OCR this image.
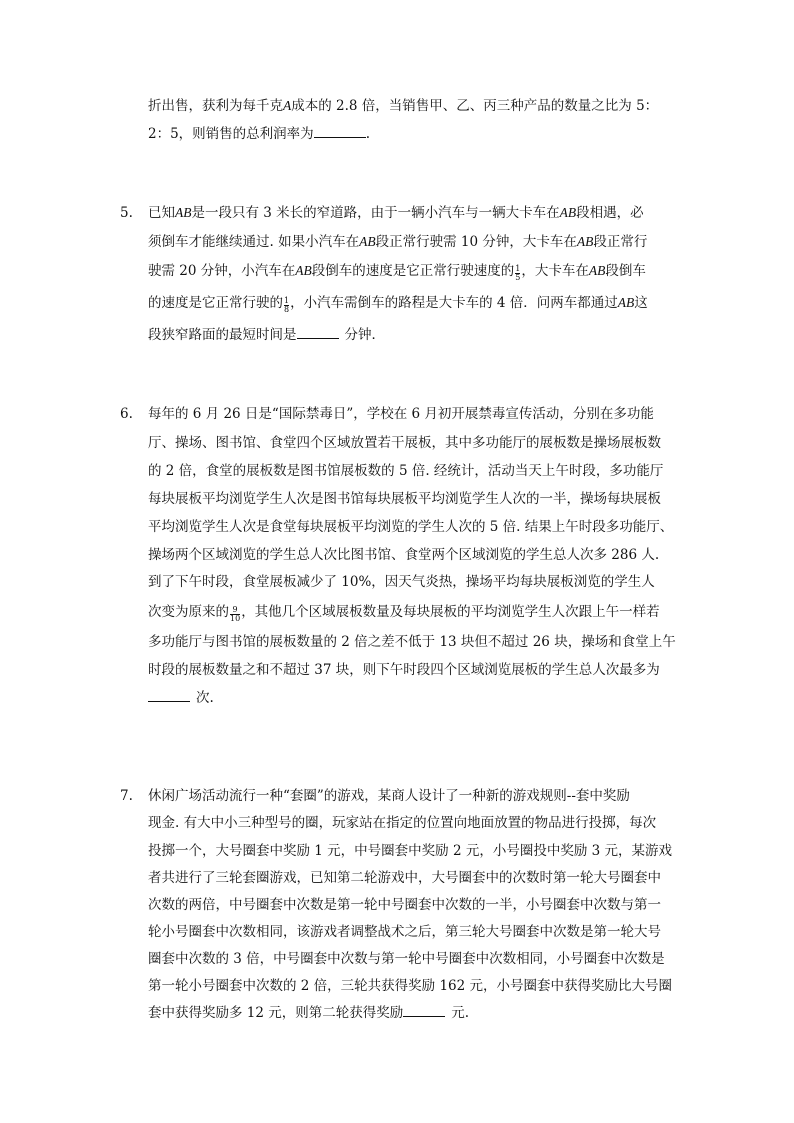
折出售，获利为每千克A成本的 2.8 倍，当销售甲、乙、丙三种产品的数量之比为 5：
2：5，则销售的总利润率为	.
5. 已知AB是一段只有 3 米长的窄道路，由于一辆小汽车与一辆大卡车在AB段相遇，必
须倒车才能继续通过. 如果小汽车在AB段正常行驶需 10 分钟，大卡车在AB段正常行
驶需 20 分钟，小汽车在AB段倒车的速度是它正常行驶速度的 $\frac{1}{5}$ ，大卡车在AB段倒车
的速度是它正常行驶的 $\frac{1}{8}$ ，小汽车需倒车的路程是大卡车的 4 倍．问两车都通过AB这
段狭窄路面的最短时间是	分钟．
6. 每年的 6 月 26 日是“国际禁毒日”，学校在 6 月初开展禁毒宣传活动，分别在多功能
厅、操场、图书馆、食堂四个区域放置若干展板，其中多功能厅的展板数是操场展板数
的 2 倍，食堂的展板数是图书馆展板数的 5 倍. 经统计，活动当天上午时段，多功能厅
每块展板平均浏览学生人次是图书馆每块展板平均浏览学生人次的一半，操场每块展板
平均浏览学生人次是食堂每块展板平均浏览的学生人次的 5 倍. 结果上午时段多功能厅、
操场两个区域浏览的学生总人次比图书馆、食堂两个区域浏览的学生总人次多 286 人.
到了下午时段，食堂展板减少了 10%，因天气炎热，操场平均每块展板浏览的学生人
次变为原来的 $\frac{9}{10}$ ，其他几个区域展板数量及每块展板的平均浏览学生人次跟上午一样若
多功能厅与图书馆的展板数量的 2 倍之差不低于 13 块但不超过 26 块，操场和食堂上午
时段的展板数量之和不超过 37 块，则下午时段四个区域浏览展板的学生总人次最多为
次.
7. 休闲广场活动流行一种“套圈”的游戏，某商人设计了一种新的游戏规则--套中奖励
现金. 有大中小三种型号的圈，玩家站在指定的位置向地面放置的物品进行投掷，每次
投掷一个，大号圈套中奖励 1 元，中号圈套中奖励 2 元，小号圈投中奖励 3 元，某游戏
者共进行了三轮套圈游戏，已知第二轮游戏中，大号圈套中的次数时第一轮大号圈套中
次数的两倍，中号圈套中次数是第一轮中号圈套中次数的一半，小号圈套中次数与第一
轮小号圈套中次数相同，该游戏者调整战术之后，第三轮大号圈套中次数是第一轮大号
圈套中次数的 3 倍，中号圈套中次数与第一轮中号圈套中次数相同，小号圈套中次数是
第一轮小号圈套中次数的 2 倍，三轮共获得奖励 162 元，小号圈套中获得奖励比大号圈
套中获得奖励多 12 元，则第二轮获得奖励	元.
